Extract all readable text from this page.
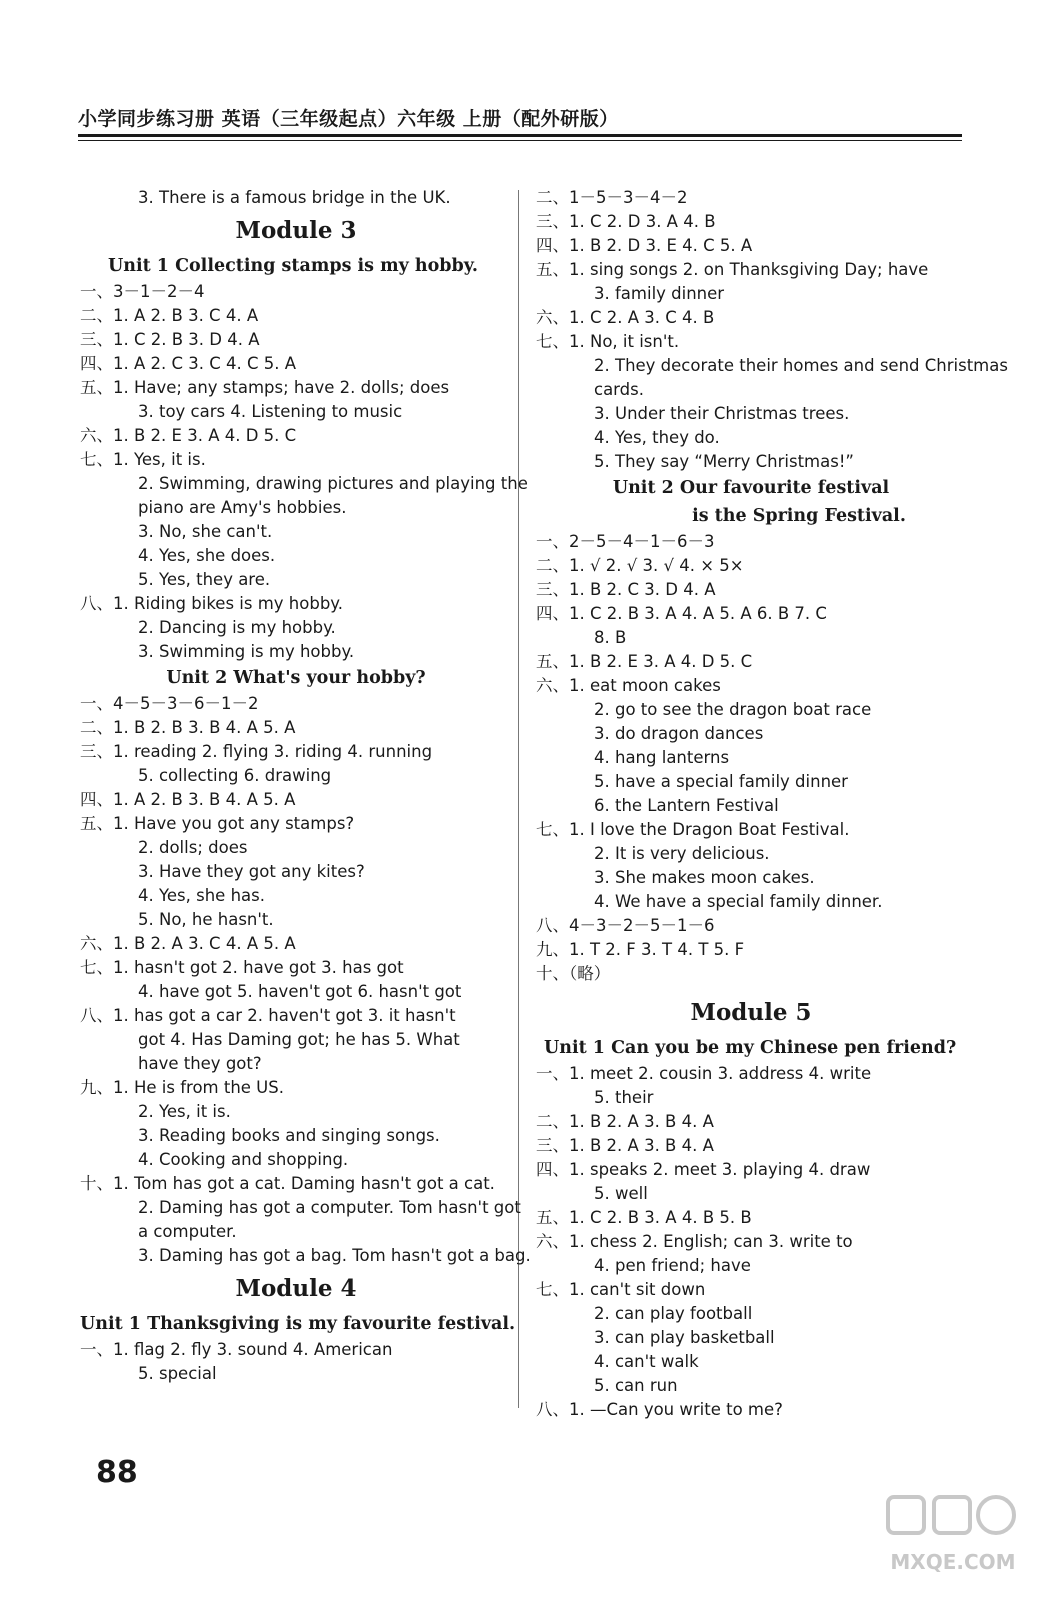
小学同步练习册 英语（三年级起点）六年级 上册（配外研版）
3. There is a famous bridge in the UK.
Module 3
Unit 1 Collecting stamps is my hobby.
一、3－1－2－4
二、1. A 2. B 3. C 4. A
三、1. C 2. B 3. D 4. A
四、1. A 2. C 3. C 4. C 5. A
五、1. Have; any stamps; have 2. dolls; does
3. toy cars 4. Listening to music
六、1. B 2. E 3. A 4. D 5. C
七、1. Yes, it is.
2. Swimming, drawing pictures and playing the
piano are Amy's hobbies.
3. No, she can't.
4. Yes, she does.
5. Yes, they are.
八、1. Riding bikes is my hobby.
2. Dancing is my hobby.
3. Swimming is my hobby.
Unit 2 What's your hobby?
一、4－5－3－6－1－2
二、1. B 2. B 3. B 4. A 5. A
三、1. reading 2. flying 3. riding 4. running
5. collecting 6. drawing
四、1. A 2. B 3. B 4. A 5. A
五、1. Have you got any stamps?
2. dolls; does
3. Have they got any kites?
4. Yes, she has.
5. No, he hasn't.
六、1. B 2. A 3. C 4. A 5. A
七、1. hasn't got 2. have got 3. has got
4. have got 5. haven't got 6. hasn't got
八、1. has got a car 2. haven't got 3. it hasn't
got 4. Has Daming got; he has 5. What
have they got?
九、1. He is from the US.
2. Yes, it is.
3. Reading books and singing songs.
4. Cooking and shopping.
十、1. Tom has got a cat. Daming hasn't got a cat.
2. Daming has got a computer. Tom hasn't got
a computer.
3. Daming has got a bag. Tom hasn't got a bag.
Module 4
Unit 1 Thanksgiving is my favourite festival.
一、1. flag 2. fly 3. sound 4. American
5. special
二、1－5－3－4－2
三、1. C 2. D 3. A 4. B
四、1. B 2. D 3. E 4. C 5. A
五、1. sing songs 2. on Thanksgiving Day; have
3. family dinner
六、1. C 2. A 3. C 4. B
七、1. No, it isn't.
2. They decorate their homes and send Christmas
cards.
3. Under their Christmas trees.
4. Yes, they do.
5. They say “Merry Christmas!”
Unit 2 Our favourite festival
is the Spring Festival.
一、2－5－4－1－6－3
二、1. √ 2. √ 3. √ 4. × 5×
三、1. B 2. C 3. D 4. A
四、1. C 2. B 3. A 4. A 5. A 6. B 7. C
8. B
五、1. B 2. E 3. A 4. D 5. C
六、1. eat moon cakes
2. go to see the dragon boat race
3. do dragon dances
4. hang lanterns
5. have a special family dinner
6. the Lantern Festival
七、1. I love the Dragon Boat Festival.
2. It is very delicious.
3. She makes moon cakes.
4. We have a special family dinner.
八、4－3－2－5－1－6
九、1. T 2. F 3. T 4. T 5. F
十、（略）
Module 5
Unit 1 Can you be my Chinese pen friend?
一、1. meet 2. cousin 3. address 4. write
5. their
二、1. B 2. A 3. B 4. A
三、1. B 2. A 3. B 4. A
四、1. speaks 2. meet 3. playing 4. draw
5. well
五、1. C 2. B 3. A 4. B 5. B
六、1. chess 2. English; can 3. write to
4. pen friend; have
七、1. can't sit down
2. can play football
3. can play basketball
4. can't walk
5. can run
八、1. —Can you write to me?
88
MXQE.COM
